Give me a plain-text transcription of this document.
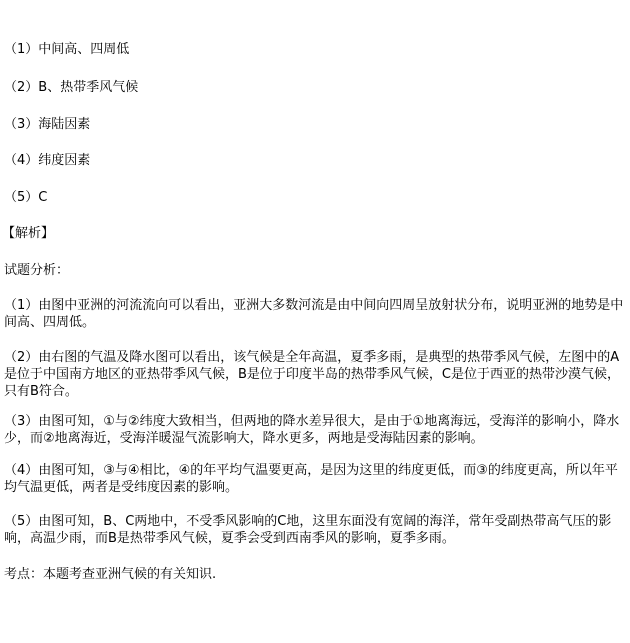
（1）中间高、四周低
（2）B、热带季风气候
（3）海陆因素
（4）纬度因素
（5）C
【解析】
试题分析：
（1）由图中亚洲的河流流向可以看出，亚洲大多数河流是由中间向四周呈放射状分布，说明亚洲的地势是中间高、四周低。
（2）由右图的气温及降水图可以看出，该气候是全年高温，夏季多雨，是典型的热带季风气候，左图中的A是位于中国南方地区的亚热带季风气候，B是位于印度半岛的热带季风气候，C是位于西亚的热带沙漠气候，只有B符合。
（3）由图可知，①与②纬度大致相当，但两地的降水差异很大，是由于①地离海远，受海洋的影响小，降水少，而②地离海近，受海洋暖湿气流影响大，降水更多，两地是受海陆因素的影响。
（4）由图可知，③与④相比，④的年平均气温要更高，是因为这里的纬度更低，而③的纬度更高，所以年平均气温更低，两者是受纬度因素的影响。
（5）由图可知，B、C两地中，不受季风影响的C地，这里东面没有宽阔的海洋，常年受副热带高气压的影响，高温少雨，而B是热带季风气候，夏季会受到西南季风的影响，夏季多雨。
考点：本题考查亚洲气候的有关知识.
